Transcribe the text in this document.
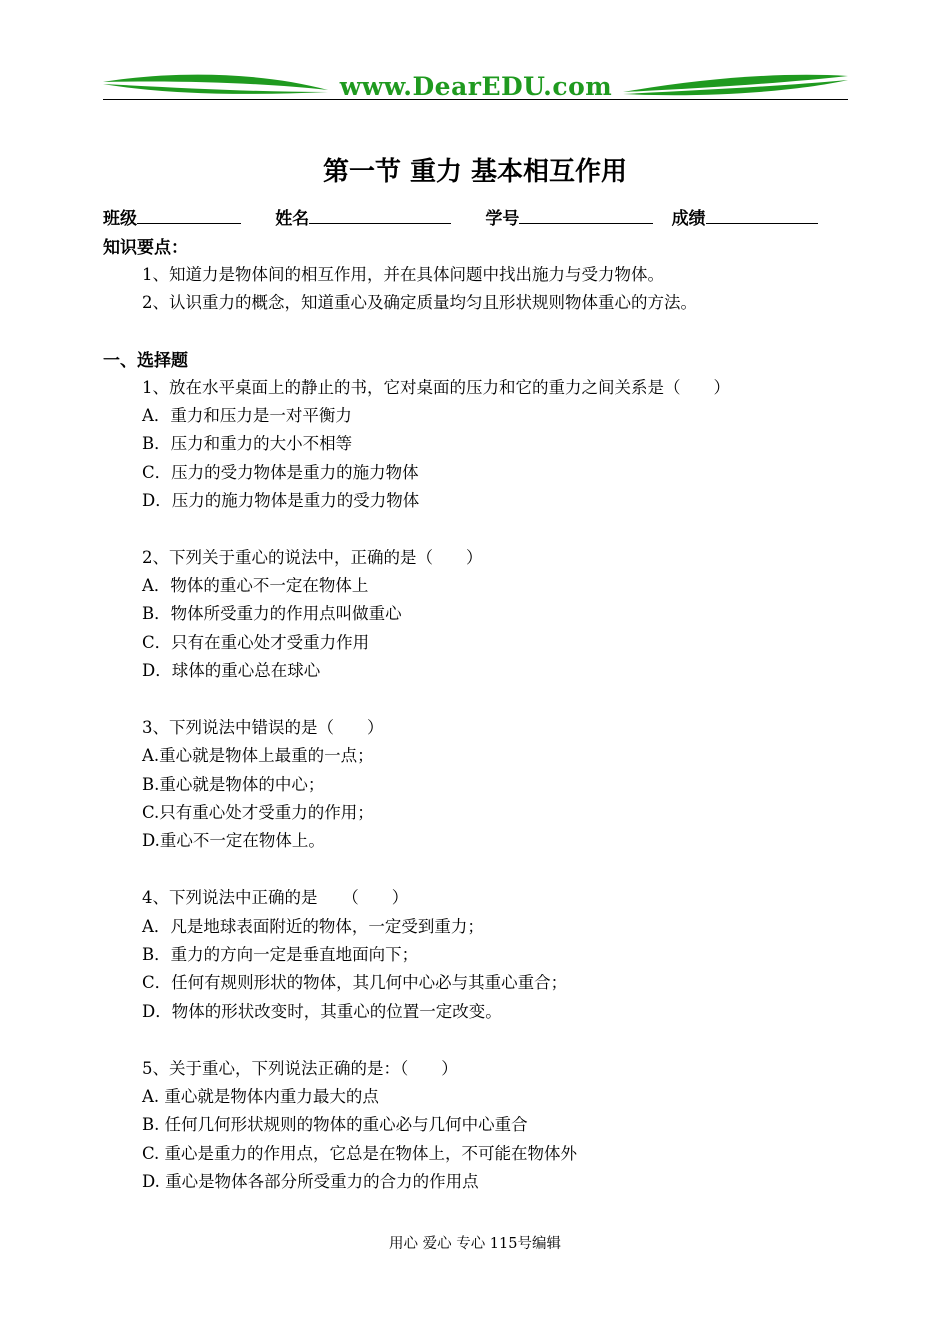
www.DearEDU.com
第一节 重力 基本相互作用
班级	姓名	学号	成绩
知识要点：
1、知道力是物体间的相互作用，并在具体问题中找出施力与受力物体。
2、认识重力的概念，知道重心及确定质量均匀且形状规则物体重心的方法。
一、选择题
1、放在水平桌面上的静止的书，它对桌面的压力和它的重力之间关系是（　　）
A．重力和压力是一对平衡力
B．压力和重力的大小不相等
C．压力的受力物体是重力的施力物体
D．压力的施力物体是重力的受力物体
2、下列关于重心的说法中，正确的是（　　）
A．物体的重心不一定在物体上
B．物体所受重力的作用点叫做重心
C．只有在重心处才受重力作用
D．球体的重心总在球心
3、下列说法中错误的是（　　）
A.重心就是物体上最重的一点；
B.重心就是物体的中心；
C.只有重心处才受重力的作用；
D.重心不一定在物体上。
4、下列说法中正确的是　　（　　）
A．凡是地球表面附近的物体，一定受到重力；
B．重力的方向一定是垂直地面向下；
C．任何有规则形状的物体，其几何中心必与其重心重合；
D．物体的形状改变时，其重心的位置一定改变。
5、关于重心，下列说法正确的是：（　　）
A. 重心就是物体内重力最大的点
B. 任何几何形状规则的物体的重心必与几何中心重合
C. 重心是重力的作用点，它总是在物体上，不可能在物体外
D. 重心是物体各部分所受重力的合力的作用点
用心 爱心 专心 115号编辑
